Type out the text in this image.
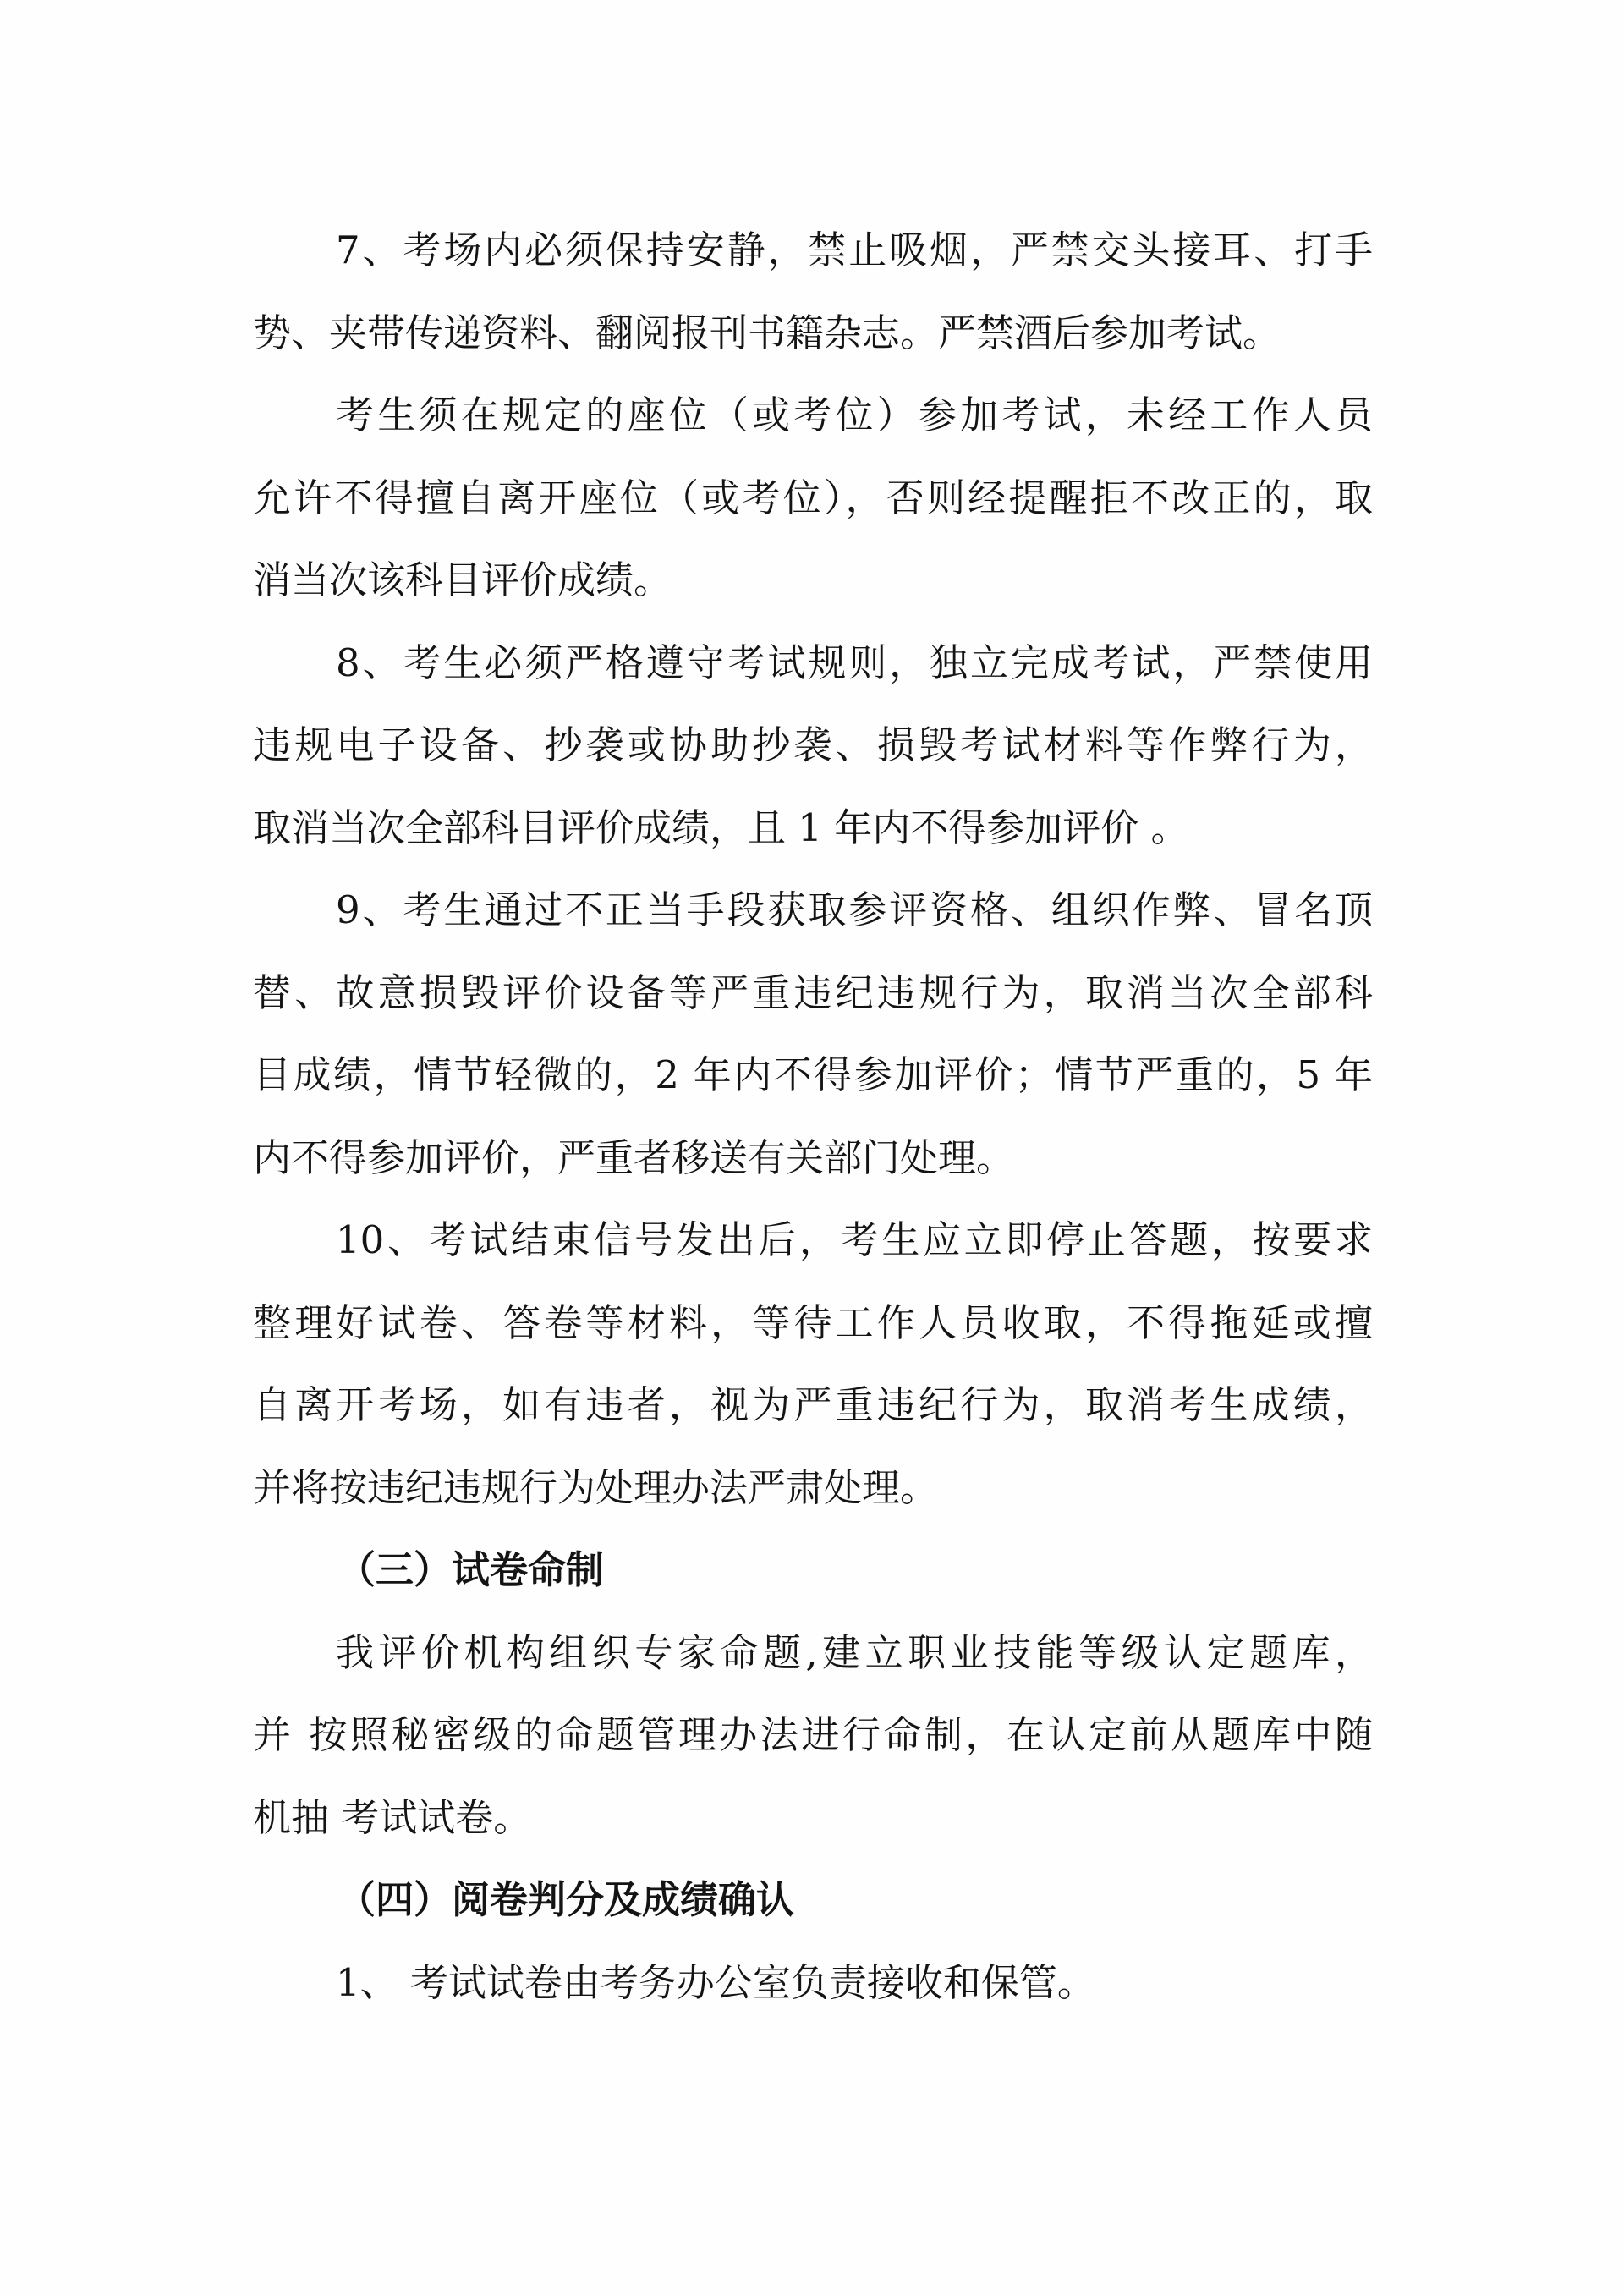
7、考场内必须保持安静，禁止吸烟，严禁交头接耳、打手
势、夹带传递资料、翻阅报刊书籍杂志。严禁酒后参加考试。
考生须在规定的座位（或考位）参加考试，未经工作人员
允许不得擅自离开座位（或考位），否则经提醒拒不改正的，取
消当次该科目评价成绩。
8、考生必须严格遵守考试规则，独立完成考试，严禁使用
违规电子设备、抄袭或协助抄袭、损毁考试材料等作弊行为，
取消当次全部科目评价成绩，且 1 年内不得参加评价 。
9、考生通过不正当手段获取参评资格、组织作弊、冒名顶
替、故意损毁评价设备等严重违纪违规行为，取消当次全部科
目成绩，情节轻微的，2 年内不得参加评价；情节严重的，5 年
内不得参加评价，严重者移送有关部门处理。
10、考试结束信号发出后，考生应立即停止答题，按要求
整理好试卷、答卷等材料，等待工作人员收取，不得拖延或擅
自离开考场，如有违者，视为严重违纪行为，取消考生成绩，
并将按违纪违规行为处理办法严肃处理。
（三）试卷命制
我评价机构组织专家命题,建立职业技能等级认定题库，
并 按照秘密级的命题管理办法进行命制，在认定前从题库中随
机抽 考试试卷。
（四）阅卷判分及成绩确认
1、 考试试卷由考务办公室负责接收和保管。
